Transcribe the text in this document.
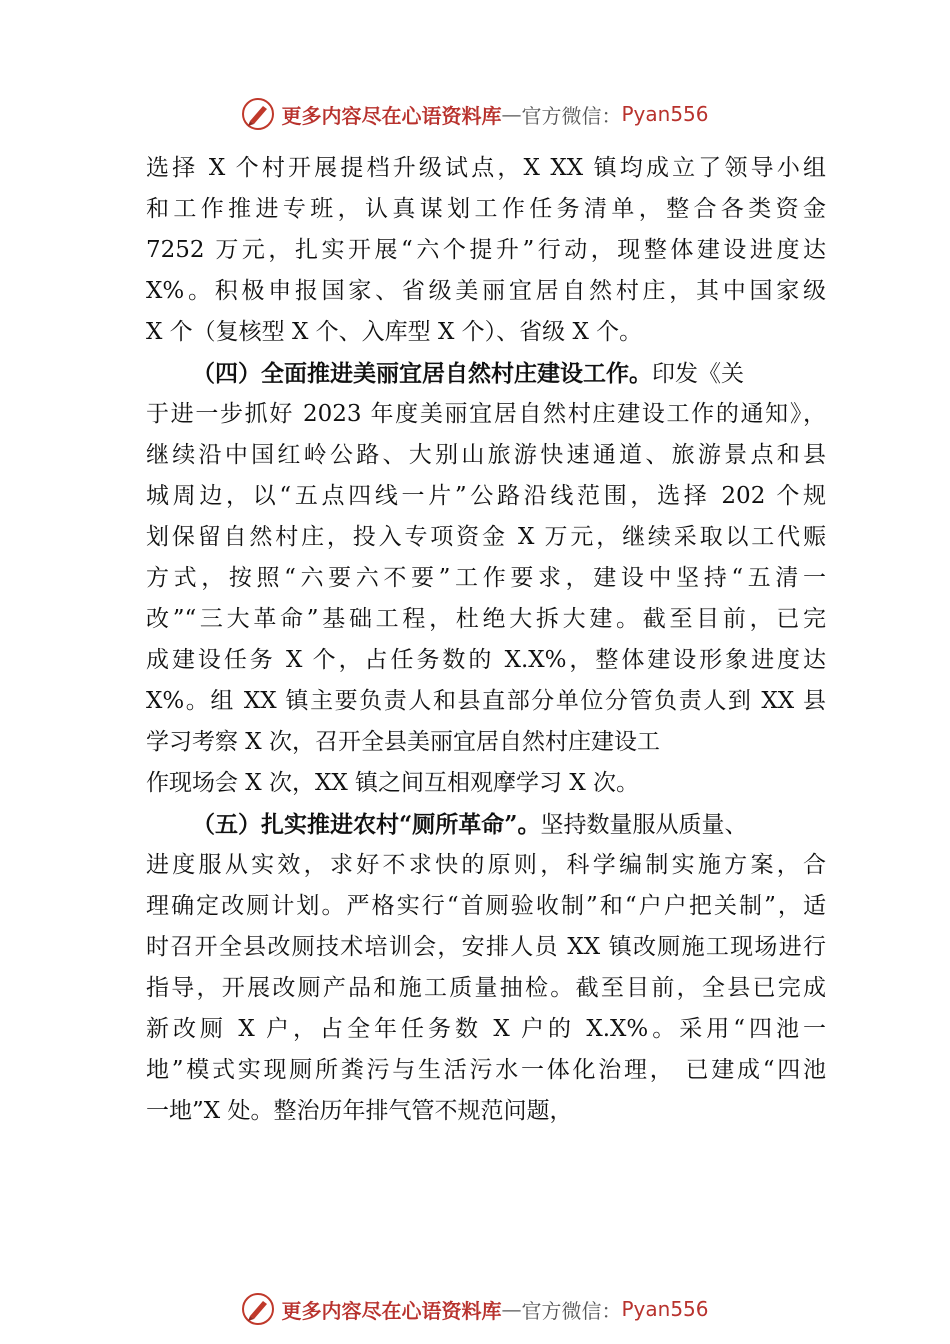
更多内容尽在心语资料库 — 官方微信： Pyan556
选择 X 个村开展提档升级试点，X XX 镇均成立了领导小组
和工作推进专班，认真谋划工作任务清单，整合各类资金
7252 万元，扎实开展“六个提升”行动，现整体建设进度达
X%。积极申报国家、省级美丽宜居自然村庄，其中国家级
X 个（复核型 X 个、入库型 X 个）、省级 X 个。
（四）全面推进美丽宜居自然村庄建设工作。印发《关
于进一步抓好 2023 年度美丽宜居自然村庄建设工作的通知》，
继续沿中国红岭公路、大别山旅游快速通道、旅游景点和县
城周边，以“五点四线一片”公路沿线范围，选择 202 个规
划保留自然村庄，投入专项资金 X 万元，继续采取以工代赈
方式，按照“六要六不要”工作要求，建设中坚持“五清一
改”“三大革命”基础工程，杜绝大拆大建。截至目前，已完
成建设任务 X 个，占任务数的 X.X%，整体建设形象进度达
X%。组 XX 镇主要负责人和县直部分单位分管负责人到 XX 县
学习考察 X 次，召开全县美丽宜居自然村庄建设工
作现场会 X 次，XX 镇之间互相观摩学习 X 次。
（五）扎实推进农村“厕所革命”。坚持数量服从质量、
进度服从实效，求好不求快的原则，科学编制实施方案，合
理确定改厕计划。严格实行“首厕验收制”和“户户把关制”，适
时召开全县改厕技术培训会，安排人员 XX 镇改厕施工现场进行
指导，开展改厕产品和施工质量抽检。截至目前，全县已完成
新改厕 X 户，占全年任务数 X 户的 X.X%。采用“四池一
地”模式实现厕所粪污与生活污水一体化治理， 已建成“四池
一地”X 处。整治历年排气管不规范问题，
更多内容尽在心语资料库 — 官方微信： Pyan556
